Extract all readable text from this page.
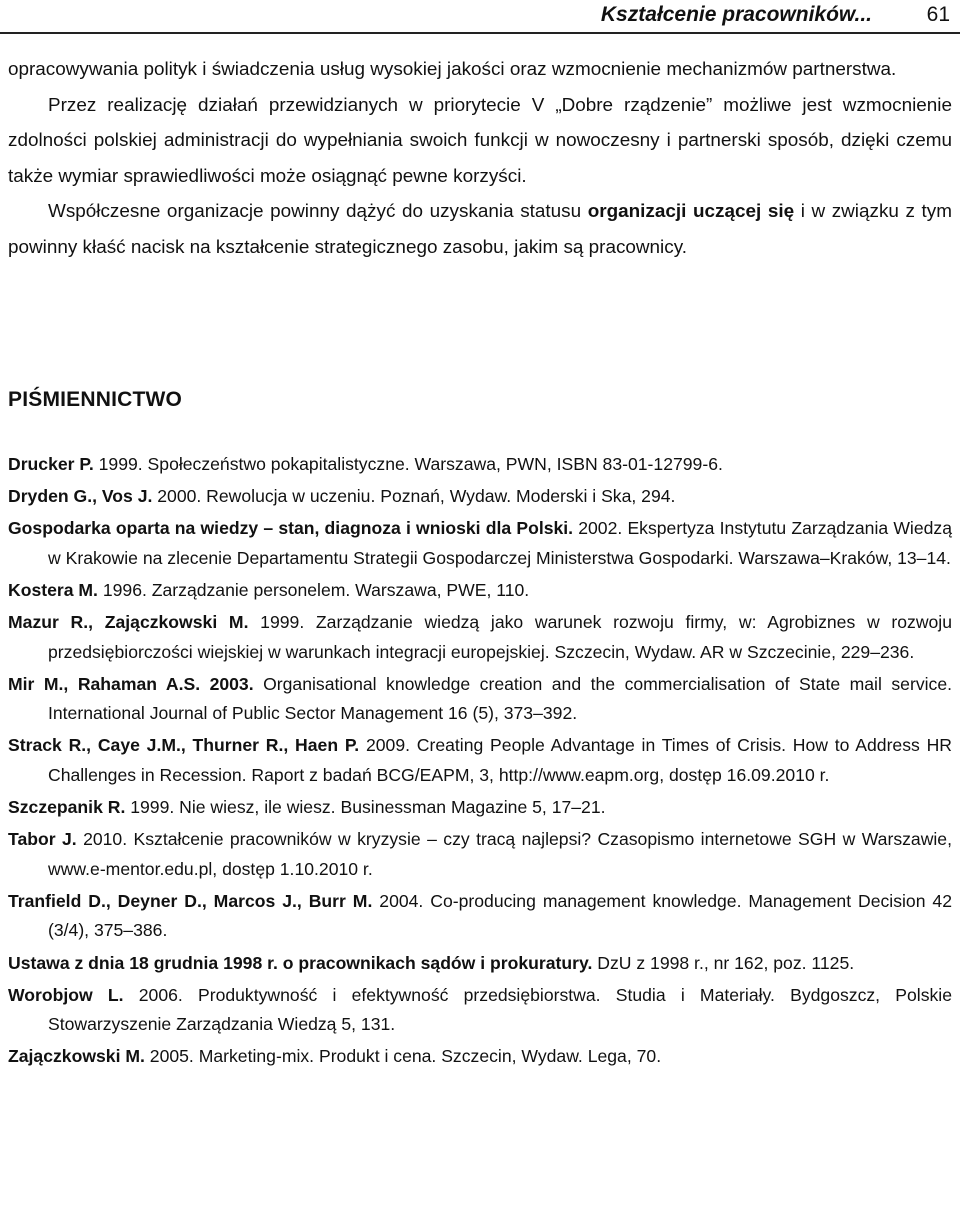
Kształcenie pracowników...	61

opracowywania polityk i świadczenia usług wysokiej jakości oraz wzmocnienie mechanizmów partnerstwa.

Przez realizację działań przewidzianych w priorytecie V „Dobre rządzenie” możliwe jest wzmocnienie zdolności polskiej administracji do wypełniania swoich funkcji w nowoczesny i partnerski sposób, dzięki czemu także wymiar sprawiedliwości może osiągnąć pewne korzyści.

Współczesne organizacje powinny dążyć do uzyskania statusu organizacji uczącej się i w związku z tym powinny kłaść nacisk na kształcenie strategicznego zasobu, jakim są pracownicy.

PIŚMIENNICTWO

Drucker P. 1999. Społeczeństwo pokapitalistyczne. Warszawa, PWN, ISBN 83-01-12799-6.

Dryden G., Vos J. 2000. Rewolucja w uczeniu. Poznań, Wydaw. Moderski i Ska, 294.

Gospodarka oparta na wiedzy – stan, diagnoza i wnioski dla Polski. 2002. Ekspertyza Instytutu Zarządzania Wiedzą w Krakowie na zlecenie Departamentu Strategii Gospodarczej Ministerstwa Gospodarki. Warszawa–Kraków, 13–14.

Kostera M. 1996. Zarządzanie personelem. Warszawa, PWE, 110.

Mazur R., Zajączkowski M. 1999. Zarządzanie wiedzą jako warunek rozwoju firmy, w: Agrobiznes w rozwoju przedsiębiorczości wiejskiej w warunkach integracji europejskiej. Szczecin, Wydaw. AR w Szczecinie, 229–236.

Mir M., Rahaman A.S. 2003. Organisational knowledge creation and the commercialisation of State mail service. International Journal of Public Sector Management 16 (5), 373–392.

Strack R., Caye J.M., Thurner R., Haen P. 2009. Creating People Advantage in Times of Crisis. How to Address HR Challenges in Recession. Raport z badań BCG/EAPM, 3, http://www.eapm.org, dostęp 16.09.2010 r.

Szczepanik R. 1999. Nie wiesz, ile wiesz. Businessman Magazine 5, 17–21.

Tabor J. 2010. Kształcenie pracowników w kryzysie – czy tracą najlepsi? Czasopismo internetowe SGH w Warszawie, www.e-mentor.edu.pl, dostęp 1.10.2010 r.

Tranfield D., Deyner D., Marcos J., Burr M. 2004. Co-producing management knowledge. Management Decision 42 (3/4), 375–386.

Ustawa z dnia 18 grudnia 1998 r. o pracownikach sądów i prokuratury. DzU z 1998 r., nr 162, poz. 1125.

Worobjow L. 2006. Produktywność i efektywność przedsiębiorstwa. Studia i Materiały. Bydgoszcz, Polskie Stowarzyszenie Zarządzania Wiedzą 5, 131.

Zajączkowski M. 2005. Marketing-mix. Produkt i cena. Szczecin, Wydaw. Lega, 70.
